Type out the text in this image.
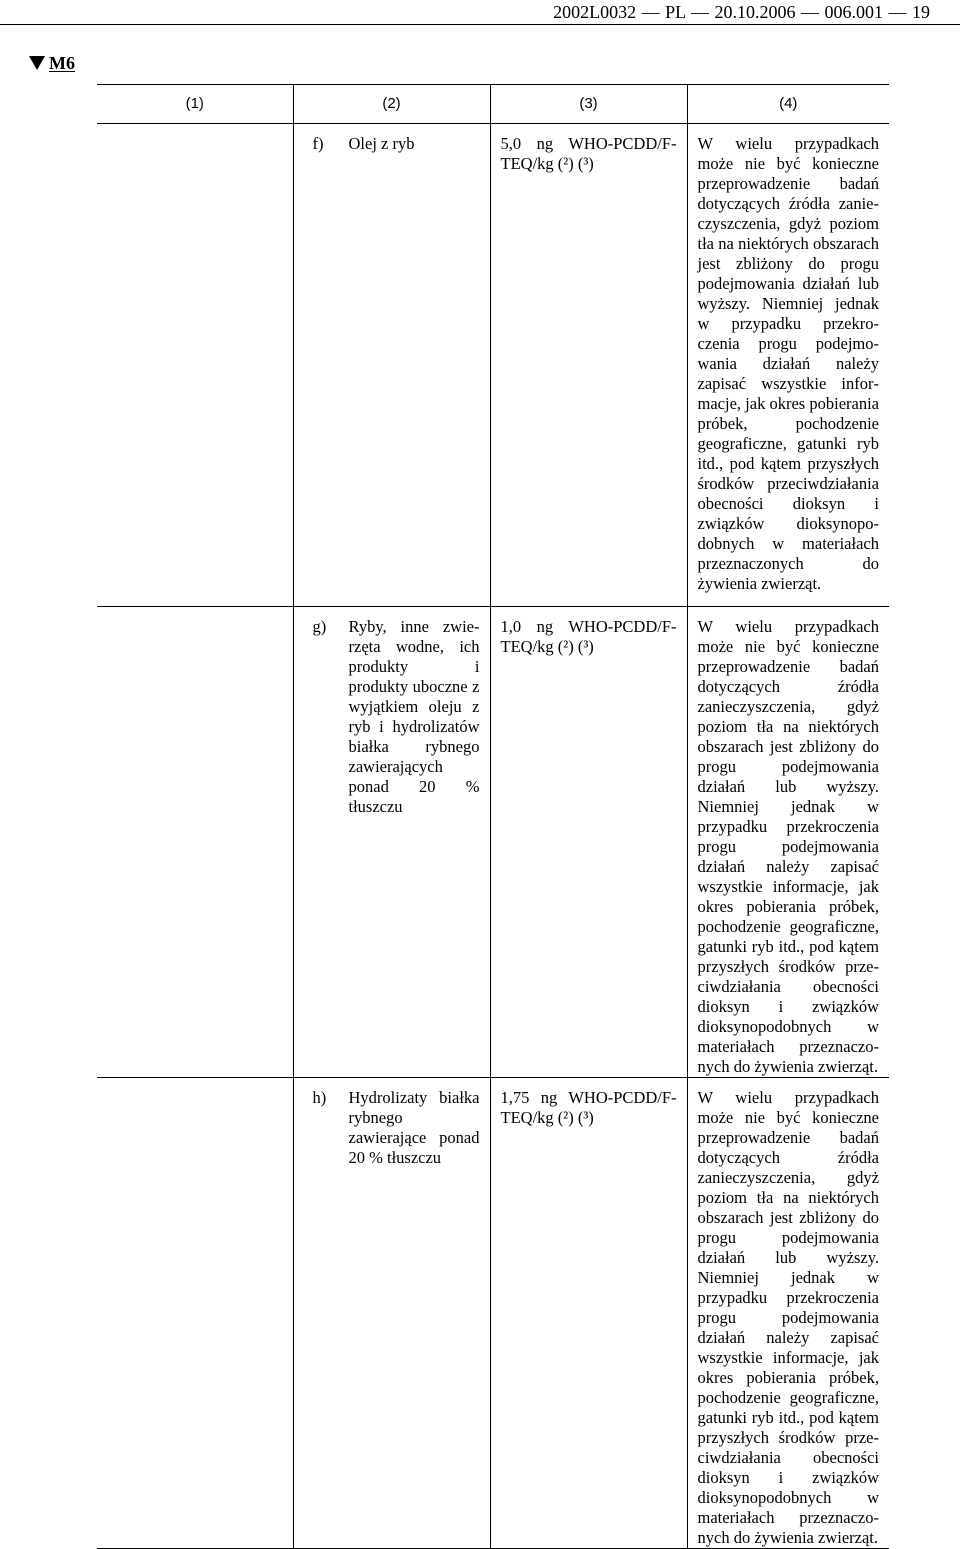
2002L0032 — PL — 20.10.2006 — 006.001 — 19
M6
(1)	(2)	(3)	(4)

	f) Olej z ryb	5,0 ng WHO-PCDD/F-TEQ/kg (²) (³)	W wielu przypadkach może nie być konieczne przeprowadzenie badań dotyczących źródła zanieczyszczenia, gdyż poziom tła na niektórych obszarach jest zbliżony do progu podejmowania działań lub wyższy. Niemniej jednak w przypadku przekroczenia progu podejmowania działań należy zapisać wszystkie informacje, jak okres pobierania próbek, pochodzenie geograficzne, gatunki ryb itd., pod kątem przyszłych środków przeciwdziałania obecności dioksyn i związków dioksynopodobnych w materiałach przeznaczonych do żywienia zwierząt.

	g) Ryby, inne zwierzęta wodne, ich produkty i produkty uboczne z wyjątkiem oleju z ryb i hydrolizatów białka rybnego zawierających ponad 20 % tłuszczu	1,0 ng WHO-PCDD/F-TEQ/kg (²) (³)	W wielu przypadkach może nie być konieczne przeprowadzenie badań dotyczących źródła zanieczyszczenia, gdyż poziom tła na niektórych obszarach jest zbliżony do progu podejmowania działań lub wyższy. Niemniej jednak w przypadku przekroczenia progu podejmowania działań należy zapisać wszystkie informacje, jak okres pobierania próbek, pochodzenie geograficzne, gatunki ryb itd., pod kątem przyszłych środków przeciwdziałania obecności dioksyn i związków dioksynopodobnych w materiałach przeznaczonych do żywienia zwierząt.

	h) Hydrolizaty białka rybnego zawierające ponad 20 % tłuszczu	1,75 ng WHO-PCDD/F-TEQ/kg (²) (³)	W wielu przypadkach może nie być konieczne przeprowadzenie badań dotyczących źródła zanieczyszczenia, gdyż poziom tła na niektórych obszarach jest zbliżony do progu podejmowania działań lub wyższy. Niemniej jednak w przypadku przekroczenia progu podejmowania działań należy zapisać wszystkie informacje, jak okres pobierania próbek, pochodzenie geograficzne, gatunki ryb itd., pod kątem przyszłych środków przeciwdziałania obecności dioksyn i związków dioksynopodobnych w materiałach przeznaczonych do żywienia zwierząt.
